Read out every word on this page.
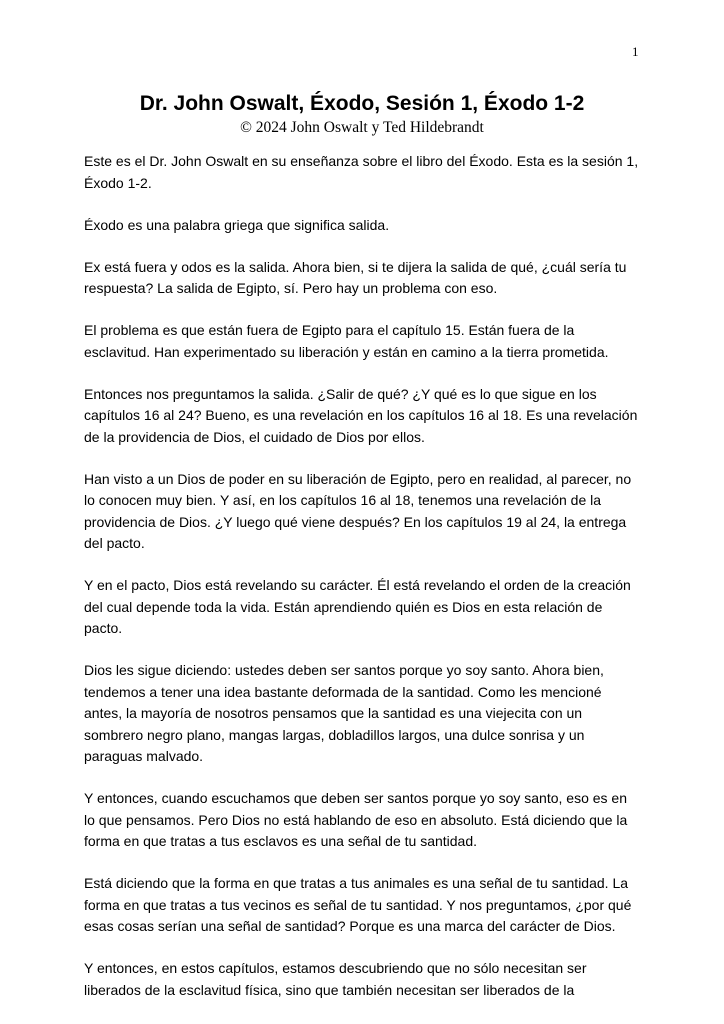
1
Dr. John Oswalt, Éxodo, Sesión 1, Éxodo 1-2
© 2024 John Oswalt y Ted Hildebrandt

Este es el Dr. John Oswalt en su enseñanza sobre el libro del Éxodo. Esta es la sesión 1, Éxodo 1-2.

Éxodo es una palabra griega que significa salida.

Ex está fuera y odos es la salida. Ahora bien, si te dijera la salida de qué, ¿cuál sería tu respuesta? La salida de Egipto, sí. Pero hay un problema con eso.

El problema es que están fuera de Egipto para el capítulo 15. Están fuera de la esclavitud. Han experimentado su liberación y están en camino a la tierra prometida.

Entonces nos preguntamos la salida. ¿Salir de qué? ¿Y qué es lo que sigue en los capítulos 16 al 24? Bueno, es una revelación en los capítulos 16 al 18. Es una revelación de la providencia de Dios, el cuidado de Dios por ellos.

Han visto a un Dios de poder en su liberación de Egipto, pero en realidad, al parecer, no lo conocen muy bien. Y así, en los capítulos 16 al 18, tenemos una revelación de la providencia de Dios. ¿Y luego qué viene después? En los capítulos 19 al 24, la entrega del pacto.

Y en el pacto, Dios está revelando su carácter. Él está revelando el orden de la creación del cual depende toda la vida. Están aprendiendo quién es Dios en esta relación de pacto.

Dios les sigue diciendo: ustedes deben ser santos porque yo soy santo. Ahora bien, tendemos a tener una idea bastante deformada de la santidad. Como les mencioné antes, la mayoría de nosotros pensamos que la santidad es una viejecita con un sombrero negro plano, mangas largas, dobladillos largos, una dulce sonrisa y un paraguas malvado.

Y entonces, cuando escuchamos que deben ser santos porque yo soy santo, eso es en lo que pensamos. Pero Dios no está hablando de eso en absoluto. Está diciendo que la forma en que tratas a tus esclavos es una señal de tu santidad.

Está diciendo que la forma en que tratas a tus animales es una señal de tu santidad. La forma en que tratas a tus vecinos es señal de tu santidad. Y nos preguntamos, ¿por qué esas cosas serían una señal de santidad? Porque es una marca del carácter de Dios.

Y entonces, en estos capítulos, estamos descubriendo que no sólo necesitan ser liberados de la esclavitud física, sino que también necesitan ser liberados de la
